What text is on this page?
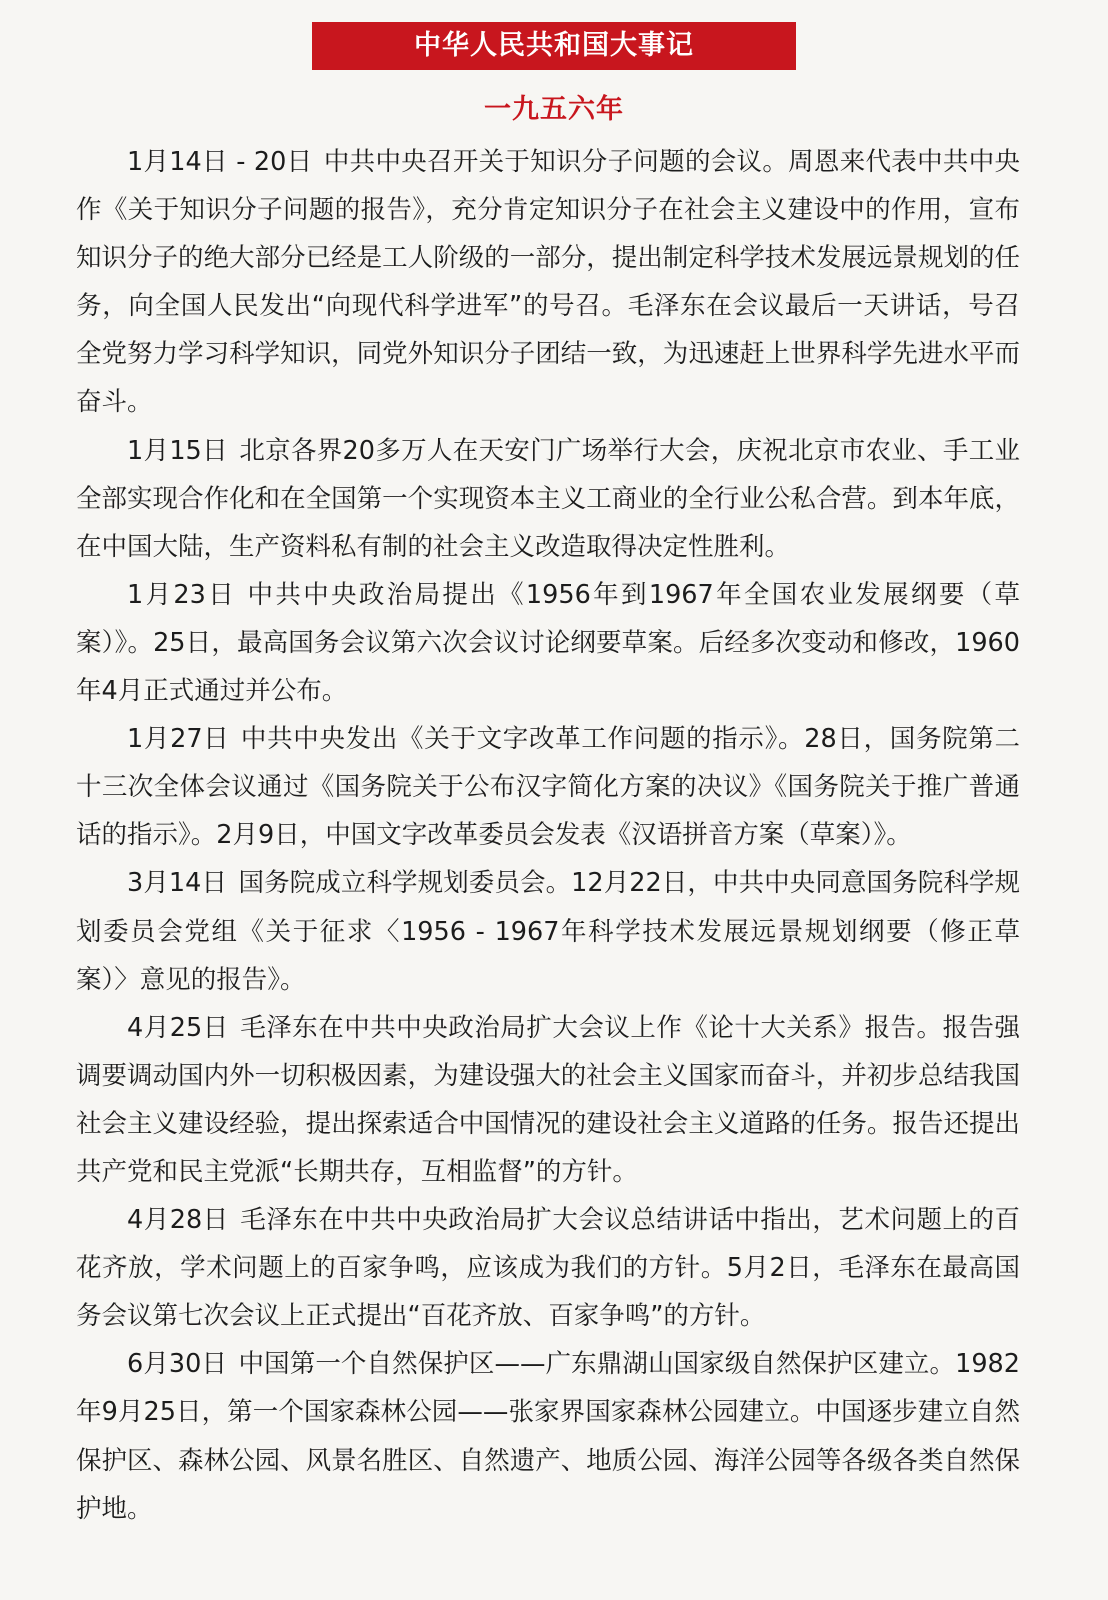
中华人民共和国大事记
一九五六年

1月14日 - 20日 中共中央召开关于知识分子问题的会议。周恩来代表中共中央作《关于知识分子问题的报告》，充分肯定知识分子在社会主义建设中的作用，宣布知识分子的绝大部分已经是工人阶级的一部分，提出制定科学技术发展远景规划的任务，向全国人民发出“向现代科学进军”的号召。毛泽东在会议最后一天讲话，号召全党努力学习科学知识，同党外知识分子团结一致，为迅速赶上世界科学先进水平而奋斗。

1月15日 北京各界20多万人在天安门广场举行大会，庆祝北京市农业、手工业全部实现合作化和在全国第一个实现资本主义工商业的全行业公私合营。到本年底，在中国大陆，生产资料私有制的社会主义改造取得决定性胜利。

1月23日 中共中央政治局提出《1956年到1967年全国农业发展纲要（草案）》。25日，最高国务会议第六次会议讨论纲要草案。后经多次变动和修改，1960年4月正式通过并公布。

1月27日 中共中央发出《关于文字改革工作问题的指示》。28日，国务院第二十三次全体会议通过《国务院关于公布汉字简化方案的决议》《国务院关于推广普通话的指示》。2月9日，中国文字改革委员会发表《汉语拼音方案（草案）》。

3月14日 国务院成立科学规划委员会。12月22日，中共中央同意国务院科学规划委员会党组《关于征求〈1956 - 1967年科学技术发展远景规划纲要（修正草案）〉意见的报告》。

4月25日 毛泽东在中共中央政治局扩大会议上作《论十大关系》报告。报告强调要调动国内外一切积极因素，为建设强大的社会主义国家而奋斗，并初步总结我国社会主义建设经验，提出探索适合中国情况的建设社会主义道路的任务。报告还提出共产党和民主党派“长期共存，互相监督”的方针。

4月28日 毛泽东在中共中央政治局扩大会议总结讲话中指出，艺术问题上的百花齐放，学术问题上的百家争鸣，应该成为我们的方针。5月2日，毛泽东在最高国务会议第七次会议上正式提出“百花齐放、百家争鸣”的方针。

6月30日 中国第一个自然保护区——广东鼎湖山国家级自然保护区建立。1982年9月25日，第一个国家森林公园——张家界国家森林公园建立。中国逐步建立自然保护区、森林公园、风景名胜区、自然遗产、地质公园、海洋公园等各级各类自然保护地。
